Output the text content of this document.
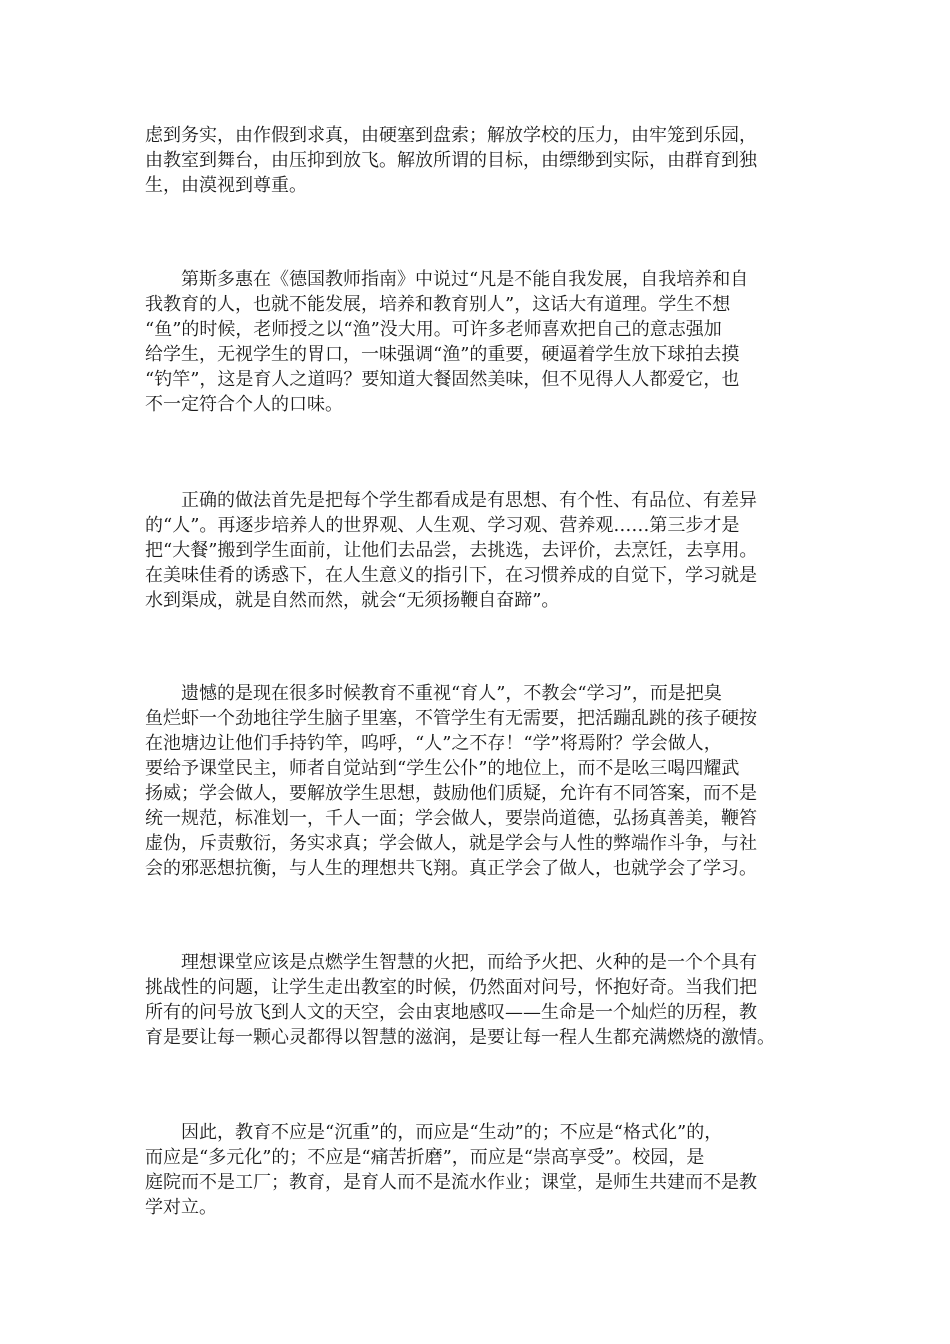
虑到务实，由作假到求真，由硬塞到盘索；解放学校的压力，由牢笼到乐园，
由教室到舞台，由压抑到放飞。解放所谓的目标，由缥缈到实际，由群育到独
生，由漠视到尊重。

　　第斯多惠在《德国教师指南》中说过“凡是不能自我发展，自我培养和自
我教育的人，也就不能发展，培养和教育别人”，这话大有道理。学生不想
“鱼”的时候，老师授之以“渔”没大用。可许多老师喜欢把自己的意志强加
给学生，无视学生的胃口，一味强调“渔”的重要，硬逼着学生放下球拍去摸
“钓竿”，这是育人之道吗？要知道大餐固然美味，但不见得人人都爱它，也
不一定符合个人的口味。

　　正确的做法首先是把每个学生都看成是有思想、有个性、有品位、有差异
的“人”。再逐步培养人的世界观、人生观、学习观、营养观……第三步才是
把“大餐”搬到学生面前，让他们去品尝，去挑选，去评价，去烹饪，去享用。
在美味佳肴的诱惑下，在人生意义的指引下，在习惯养成的自觉下，学习就是
水到渠成，就是自然而然，就会“无须扬鞭自奋蹄”。

　　遗憾的是现在很多时候教育不重视“育人”，不教会“学习”，而是把臭
鱼烂虾一个劲地往学生脑子里塞，不管学生有无需要，把活蹦乱跳的孩子硬按
在池塘边让他们手持钓竿，呜呼，“人”之不存！“学”将焉附？学会做人，
要给予课堂民主，师者自觉站到“学生公仆”的地位上，而不是吆三喝四耀武
扬威；学会做人，要解放学生思想，鼓励他们质疑，允许有不同答案，而不是
统一规范，标准划一，千人一面；学会做人，要崇尚道德，弘扬真善美，鞭笞
虚伪，斥责敷衍，务实求真；学会做人，就是学会与人性的弊端作斗争，与社
会的邪恶想抗衡，与人生的理想共飞翔。真正学会了做人，也就学会了学习。

　　理想课堂应该是点燃学生智慧的火把，而给予火把、火种的是一个个具有
挑战性的问题，让学生走出教室的时候，仍然面对问号，怀抱好奇。当我们把
所有的问号放飞到人文的天空，会由衷地感叹——生命是一个灿烂的历程，教
育是要让每一颗心灵都得以智慧的滋润，是要让每一程人生都充满燃烧的激情。

　　因此，教育不应是“沉重”的，而应是“生动”的；不应是“格式化”的，
而应是“多元化”的；不应是“痛苦折磨”，而应是“崇高享受”。校园，是
庭院而不是工厂；教育，是育人而不是流水作业；课堂，是师生共建而不是教
学对立。
